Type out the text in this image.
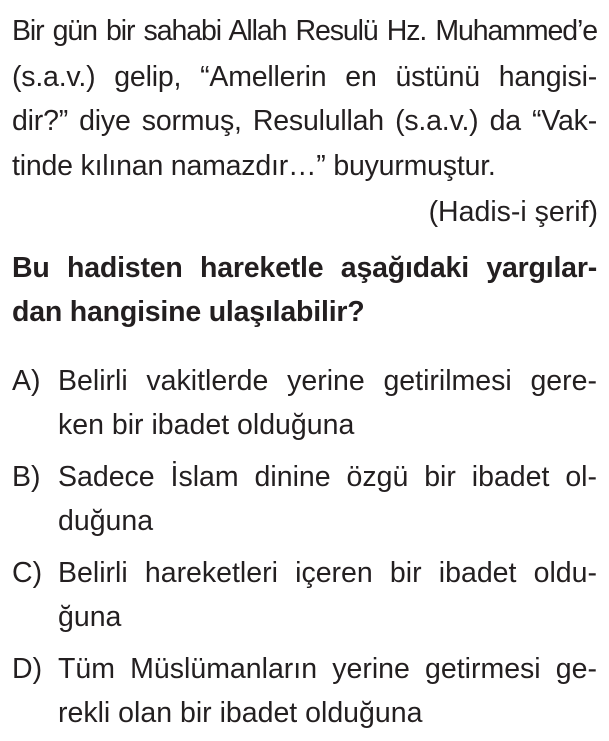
Bir gün bir sahabi Allah Resulü Hz. Muhammed’e
(s.a.v.) gelip, “Amellerin en üstünü hangisi-
dir?” diye sormuş, Resulullah (s.a.v.) da “Vak-
tinde kılınan namazdır…” buyurmuştur.
(Hadis-i şerif)
Bu hadisten hareketle aşağıdaki yargılar-
dan hangisine ulaşılabilir?
A) Belirli vakitlerde yerine getirilmesi gere-
ken bir ibadet olduğuna
B) Sadece İslam dinine özgü bir ibadet ol-
duğuna
C) Belirli hareketleri içeren bir ibadet oldu-
ğuna
D) Tüm Müslümanların yerine getirmesi ge-
rekli olan bir ibadet olduğuna
